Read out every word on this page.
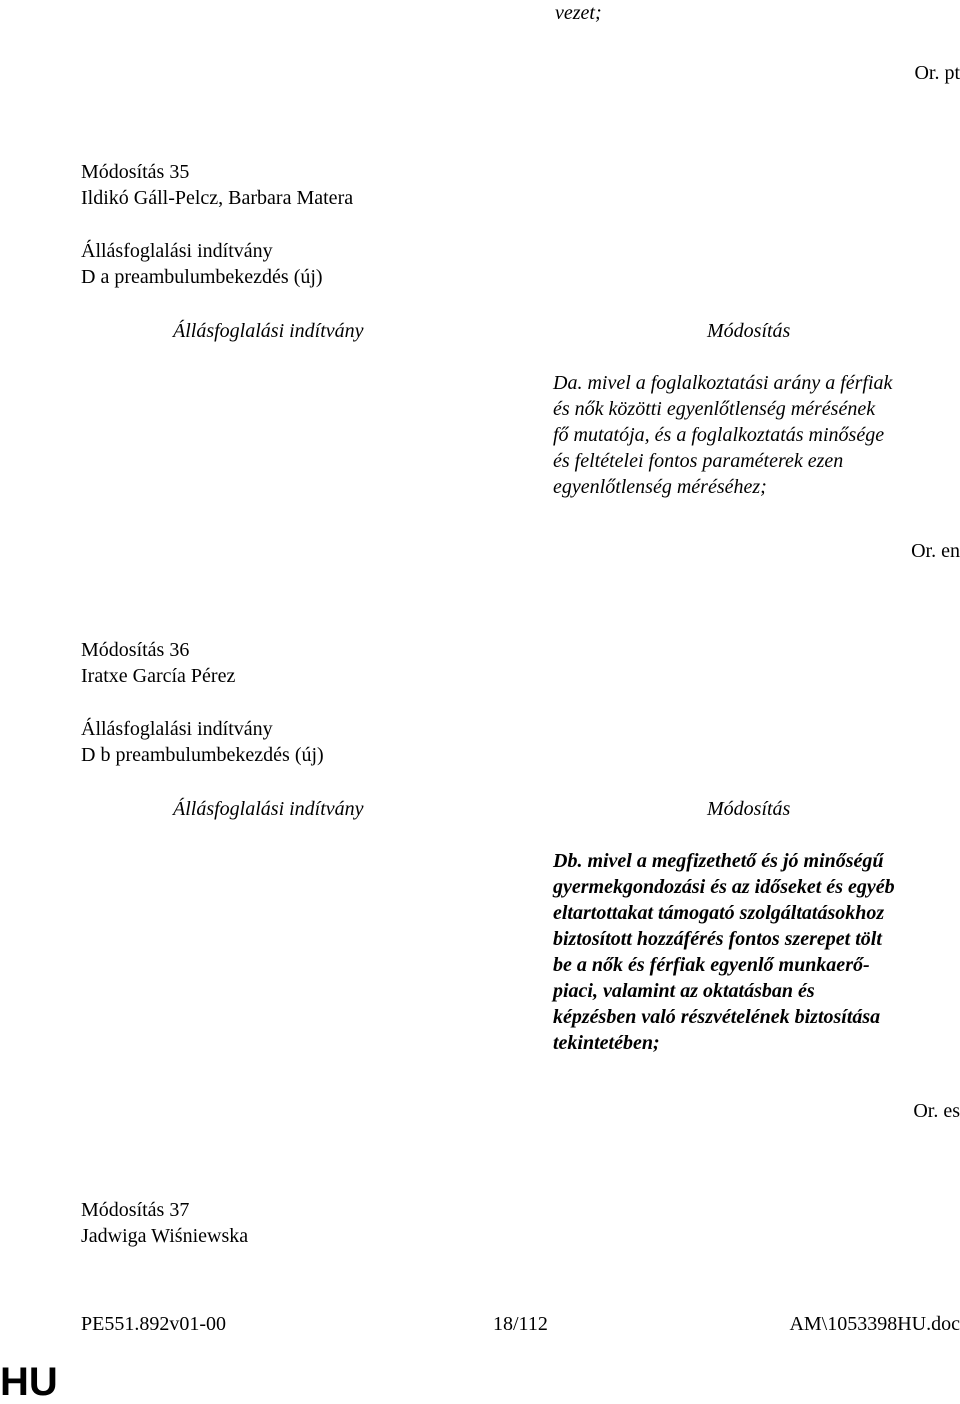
vezet;
Or. pt
Módosítás 35
Ildikó Gáll-Pelcz, Barbara Matera
Állásfoglalási indítvány
D a preambulumbekezdés (új)
Állásfoglalási indítvány	Módosítás
Da. mivel a foglalkoztatási arány a férfiak
és nők közötti egyenlőtlenség mérésének
fő mutatója, és a foglalkoztatás minősége
és feltételei fontos paraméterek ezen
egyenlőtlenség méréséhez;
Or. en
Módosítás 36
Iratxe García Pérez
Állásfoglalási indítvány
D b preambulumbekezdés (új)
Állásfoglalási indítvány	Módosítás
Db. mivel a megfizethető és jó minőségű
gyermekgondozási és az időseket és egyéb
eltartottakat támogató szolgáltatásokhoz
biztosított hozzáférés fontos szerepet tölt
be a nők és férfiak egyenlő munkaerő-
piaci, valamint az oktatásban és
képzésben való részvételének biztosítása
tekintetében;
Or. es
Módosítás 37
Jadwiga Wiśniewska
PE551.892v01-00	18/112	AM\1053398HU.doc
HU
